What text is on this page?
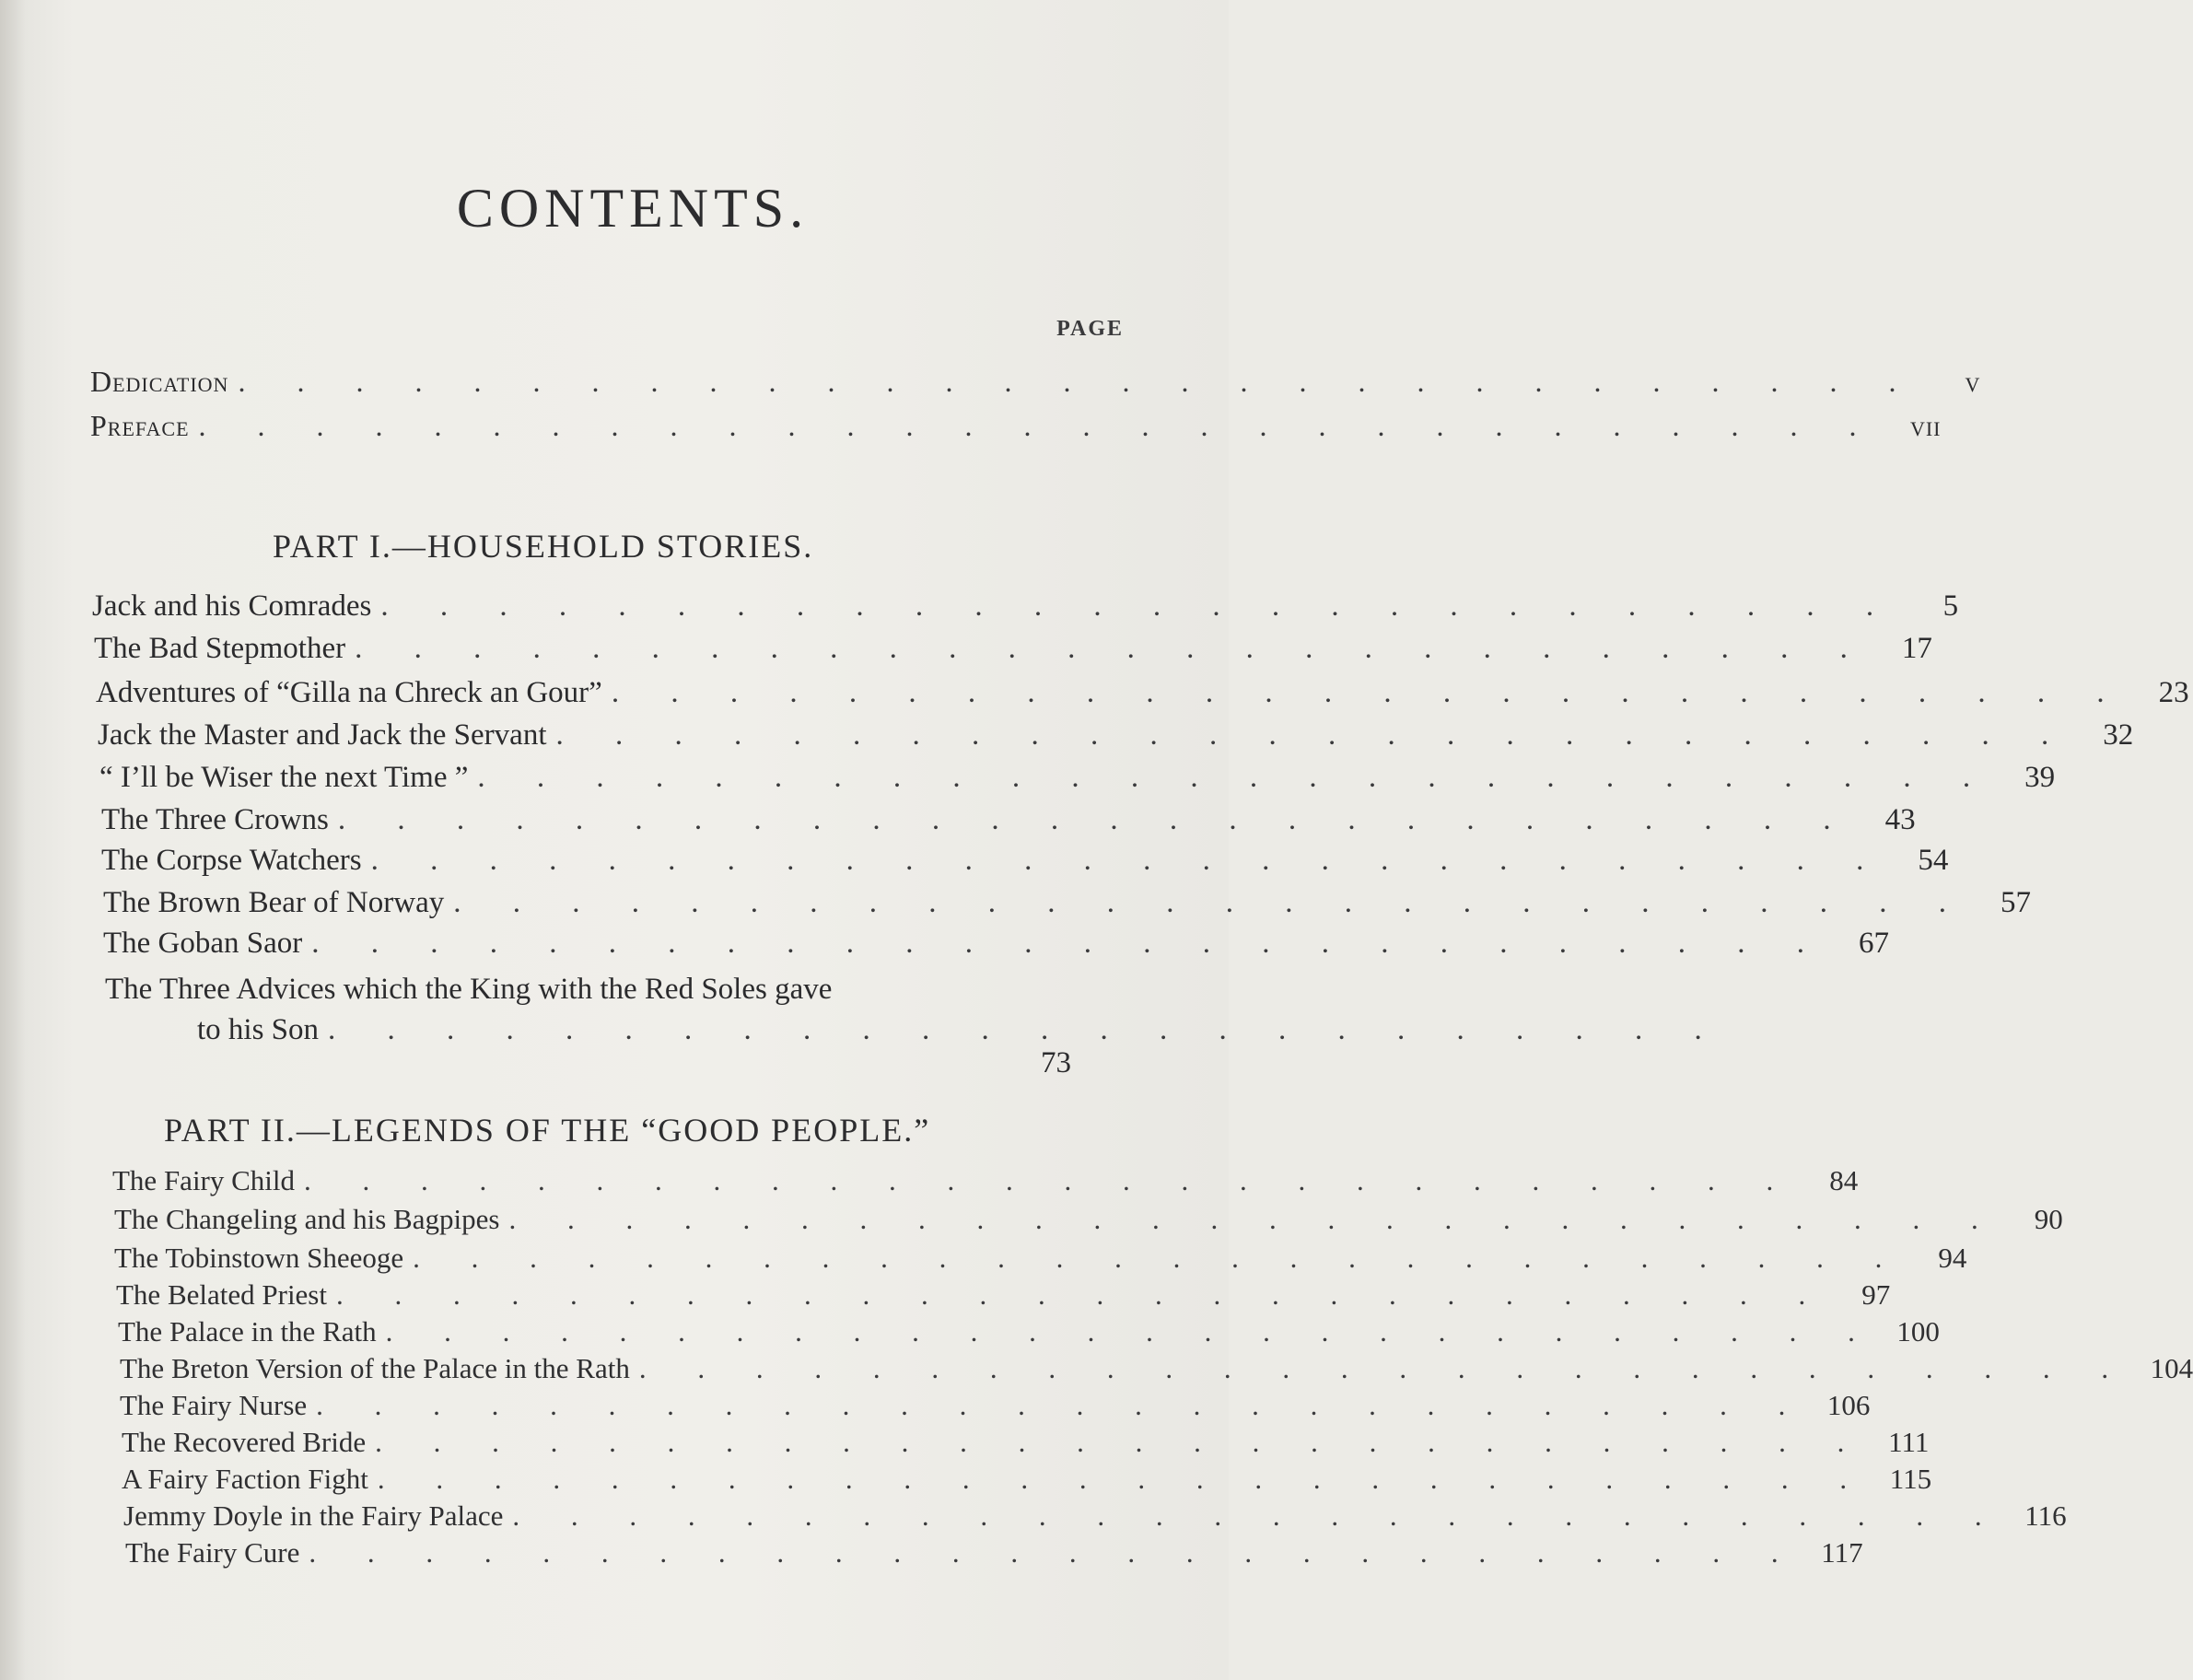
CONTENTS.
PAGE
Dedication . . . . . . . . . . . . . . . . . . . . . . . . . . . . .	v
Preface . . . . . . . . . . . . . . . . . . . . . . . . . . . . .	vii
PART I.—HOUSEHOLD STORIES.
Jack and his Comrades . . . . . . . . . . . . . . . . . . . . . . . . . .	5
The Bad Stepmother . . . . . . . . . . . . . . . . . . . . . . . . . .	17
Adventures of “Gilla na Chreck an Gour” . . . . . . . . . . . . . . . . . . . . . . . . . .	23
Jack the Master and Jack the Servant . . . . . . . . . . . . . . . . . . . . . . . . . .	32
“ I’ll be Wiser the next Time ” . . . . . . . . . . . . . . . . . . . . . . . . . .	39
The Three Crowns . . . . . . . . . . . . . . . . . . . . . . . . . .	43
The Corpse Watchers . . . . . . . . . . . . . . . . . . . . . . . . . .	54
The Brown Bear of Norway . . . . . . . . . . . . . . . . . . . . . . . . . .	57
The Goban Saor . . . . . . . . . . . . . . . . . . . . . . . . . .	67
The Three Advices which the King with the Red Soles gave
to his Son . . . . . . . . . . . . . . . . . . . . . . . .
73
PART II.—LEGENDS OF THE “GOOD PEOPLE.”
The Fairy Child . . . . . . . . . . . . . . . . . . . . . . . . . .	84
The Changeling and his Bagpipes . . . . . . . . . . . . . . . . . . . . . . . . . .	90
The Tobinstown Sheeoge . . . . . . . . . . . . . . . . . . . . . . . . . .	94
The Belated Priest . . . . . . . . . . . . . . . . . . . . . . . . . .	97
The Palace in the Rath . . . . . . . . . . . . . . . . . . . . . . . . . . 100
The Breton Version of the Palace in the Rath . . . . . . . . . . . . . . . . . . . . . . . . . . 104
The Fairy Nurse . . . . . . . . . . . . . . . . . . . . . . . . . . 106
The Recovered Bride . . . . . . . . . . . . . . . . . . . . . . . . . . 111
A Fairy Faction Fight . . . . . . . . . . . . . . . . . . . . . . . . . . 115
Jemmy Doyle in the Fairy Palace . . . . . . . . . . . . . . . . . . . . . . . . . . 116
The Fairy Cure . . . . . . . . . . . . . . . . . . . . . . . . . . 117
